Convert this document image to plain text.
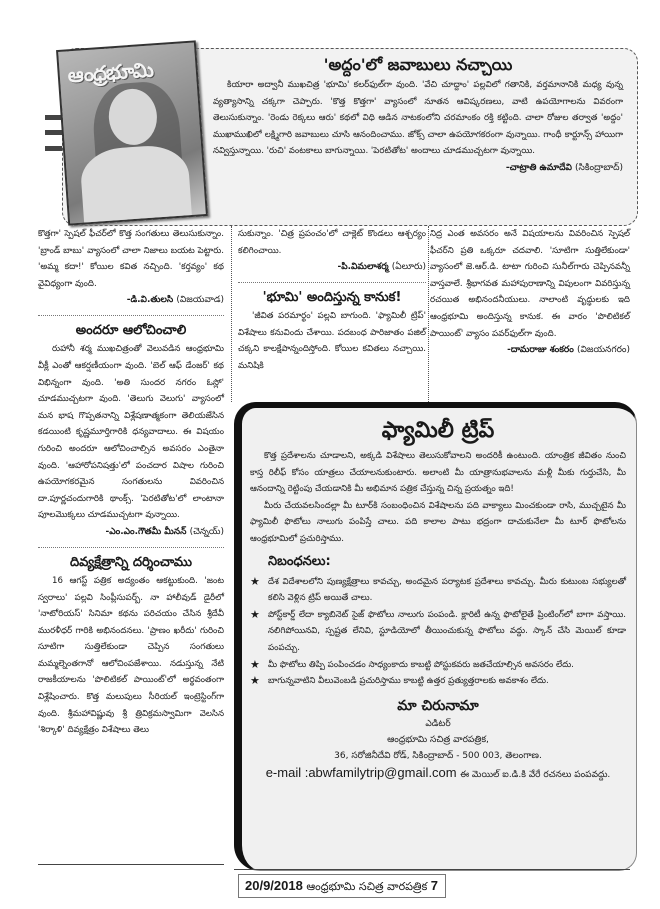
'అద్దం'లో జవాబులు నచ్చాయి
కియారా అద్వానీ ముఖచిత్ర 'భూమి' కలర్‌ఫుల్‌గా వుంది. 'వేచి చూద్దాం' పల్లవిలో గతానికి, వర్తమానానికి మధ్య వున్న వ్యత్యాసాన్ని చక్కగా చెప్పారు. 'కొత్త కొత్తగా' వ్యాసంలో నూతన ఆవిష్కరణలు, వాటి ఉపయోగాలను వివరంగా తెలుసుకున్నాం. 'రెండు రెక్కలు ఆరు' కథలో విధి ఆడిన నాటకంలోని చరమాంకం రక్తి కట్టింది. చాలా రోజుల తర్వాత 'అద్దం' ముఖాముఖిలో లక్ష్మిగారి జవాబులు చూసి ఆనందించాము. జోక్స్ చాలా ఉపయోగకరంగా వున్నాయి. గాంధీ కార్టూన్స్ హాయిగా నవ్విస్తున్నాయి. 'రుచి' వంటకాలు బాగున్నాయి. 'పెరటితోట' అందాలు చూడముచ్చటగా వున్నాయి.
-చాట్రాతి ఉమాదేవి (సికింద్రాబాద్)
ఆంధ్రభూమి
కొత్తగా' స్పెషల్ ఫీచర్‌లో కొత్త సంగతులు తెలుసుకున్నాం. 'బ్రాండ్ బాబు' వ్యాసంలో చాలా నిజాలు బయట పెట్టారు. 'అమ్మ కదా!' కోయిల కవిత నచ్చింది. 'కర్తవ్యం' కథ వైవిధ్యంగా వుంది.
-డి.వి.తులసి (విజయవాడ)
అందరూ ఆలోచించాలి
రుహానీ శర్మ ముఖచిత్రంతో వెలువడిన ఆంధ్రభూమి వీక్లీ ఎంతో ఆకర్షణీయంగా వుంది. 'బెల్ ఆఫ్ డేంజర్' కథ విభిన్నంగా వుంది. 'అతి సుందర నగరం ఓస్లో' చూడముచ్చటగా వుంది. 'తెలుగు వెలుగు' వ్యాసంలో మన భాష గొప్పతనాన్ని విశ్లేషణాత్మకంగా తెలియజేసిన కడయింటి కృష్ణమూర్తిగారికి ధన్యవాదాలు. ఈ విషయం గురించి అందరూ ఆలోచించాల్సిన అవసరం ఎంతైనా వుంది. 'ఆహారోపనిషత్తు'లో పంచదార విషాల గురించి ఉపయోగకరమైన సంగతులను వివరించిన దా.పూర్ణచందుగారికి థాంక్స్. 'పెరటితోట'లో లాంటానా పూలమొక్కలు చూడముచ్చటగా వున్నాయి.
-ఎం.ఎం.గౌతమీ మీనన్ (చెన్నయ్)
దివ్యక్షేత్రాన్ని దర్శించాము
16 ఆగస్ట్ పత్రిక అద్యంతం ఆకట్టుకుంది. 'జంట స్వరాలు' పల్లవి సింప్లీసుపర్బ్. నా హాలీవుడ్ డైరీలో 'నాటోరియస్' సినిమా కథను పరిచయం చేసిన శ్రీదేవీ మురళీధర్ గారికి అభినందనలు. 'ప్రాణం ఖరీదు' గురించి సూటిగా సుత్తిలేకుండా చెప్పిన సంగతులు మమ్మల్నెంతగానో ఆలోచింపజేశాయి. నడుస్తున్న నేటి రాజకీయాలను 'పొలిటికల్ పాయింట్'లో అర్థవంతంగా విశ్లేషించారు. కొత్త మలుపులు సీరియల్ ఇంట్రెస్టింగ్‌గా వుంది. శ్రీమహావిష్ణువు శ్రీ త్రివిక్రమస్వామిగా వెలసిన 'శిర్కాళి' దివ్యక్షేత్రం విశేషాలు తెలు
సుకున్నాం. 'చిత్ర ప్రపంచం'లో చాక్లెట్ కొండలు ఆశ్చర్యం కలిగించాయి.
-పి.విమలాశర్మ (ఏలూరు)
'భూమి' అందిస్తున్న కానుక!
'జీవిత పరమార్థం' పల్లవి బాగుంది. 'ఫ్యామిలీ ట్రిప్' విశేషాలు కనువిందు చేశాయి. పదబంధ పారిజాతం పజిల్ చక్కని కాలక్షేపాన్నందిస్తోంది. కోయిల కవితలు నచ్చాయి. మనిషికి
నిద్ర ఎంత అవసరం అనే విషయాలను వివరించిన స్పెషల్ ఫీచర్‌ని ప్రతి ఒక్కరూ చదవాలి. 'సూటిగా సుత్తిలేకుండా' వ్యాసంలో జె.ఆర్.డి. టాటా గురించి సునీల్‌గారు చెప్పినవన్నీ వాస్తవాలే. శ్రీభాగవత మహాపురాణాన్ని విపులంగా వివరిస్తున్న రచయిత అభినందనీయులు. నాలాంటి వృద్ధులకు ఇది ఆంధ్రభూమి అందిస్తున్న కానుక. ఈ వారం 'పొలిటికల్ పాయింట్' వ్యాసం పవర్‌ఫుల్‌గా వుంది.
-దామరాజు శంకరం (విజయనగరం)
ఫ్యామిలీ ట్రిప్
కొత్త ప్రదేశాలను చూడాలని, అక్కడి విశేషాలు తెలుసుకోవాలని అందరికీ ఉంటుంది. యాంత్రిక జీవితం నుంచి కాస్త రిలీఫ్ కోసం యాత్రలు చేయాలనుకుంటారు. అలాంటి మీ యాత్రానుభవాలను మళ్లీ మీకు గుర్తుచేసి, మీ ఆనందాన్ని రెట్టింపు చేయడానికి మీ అభిమాన పత్రిక చేస్తున్న చిన్న ప్రయత్నం ఇది!
మీరు చేయవలసిందల్లా మీ టూర్‌కి సంబంధించిన విశేషాలను పది వాక్యాలు మించకుండా రాసి, ముచ్చటైన మీ ఫ్యామిలీ ఫొటోలు నాలుగు పంపిస్తే చాలు. పది కాలాల పాటు భద్రంగా దాచుకునేలా మీ టూర్ ఫొటోలను ఆంధ్రభూమిలో ప్రచురిస్తాము.
నిబంధనలు:
★ దేశ విదేశాలలోని పుణ్యక్షేత్రాలు కావచ్చు, అందమైన పర్యాటక ప్రదేశాలు కావచ్చు. మీరు కుటుంబ సభ్యులతో కలిసి వెళ్లిన ట్రిప్ అయితే చాలు.
★ పోస్ట్‌కార్డ్ లేదా క్యాబినెట్ సైజ్ ఫొటోలు నాలుగు పంపండి. క్లారిటీ ఉన్న ఫొటోలైతే ప్రింటింగ్‌లో బాగా వస్తాయి. నలిగిపోయినవి, స్పష్టత లేనివి, స్టూడియోలో తీయించుకున్న ఫొటోలు వద్దు. స్కాన్ చేసి మెయిల్ కూడా పంపచ్చు.
★ మీ ఫొటోలు తిప్పి పంపించడం సాధ్యంకాదు కాబట్టి పోస్టుకవరు జతచేయాల్సిన అవసరం లేదు.
★ బాగున్నవాటిని వీలువెంబడి ప్రచురిస్తాము కాబట్టి ఉత్తర ప్రత్యుత్తరాలకు అవకాశం లేదు.
మా చిరునామా
ఎడిటర్
ఆంధ్రభూమి సచిత్ర వారపత్రిక,
36, సరోజినీదేవి రోడ్, సికింద్రాబాద్ - 500 003, తెలంగాణ.
e-mail :abwfamilytrip@gmail.com ఈ మెయిల్ ఐ.డి.కి వేరే రచనలు పంపవద్దు.
20/9/2018 ఆంధ్రభూమి సచిత్ర వారపత్రిక 7
